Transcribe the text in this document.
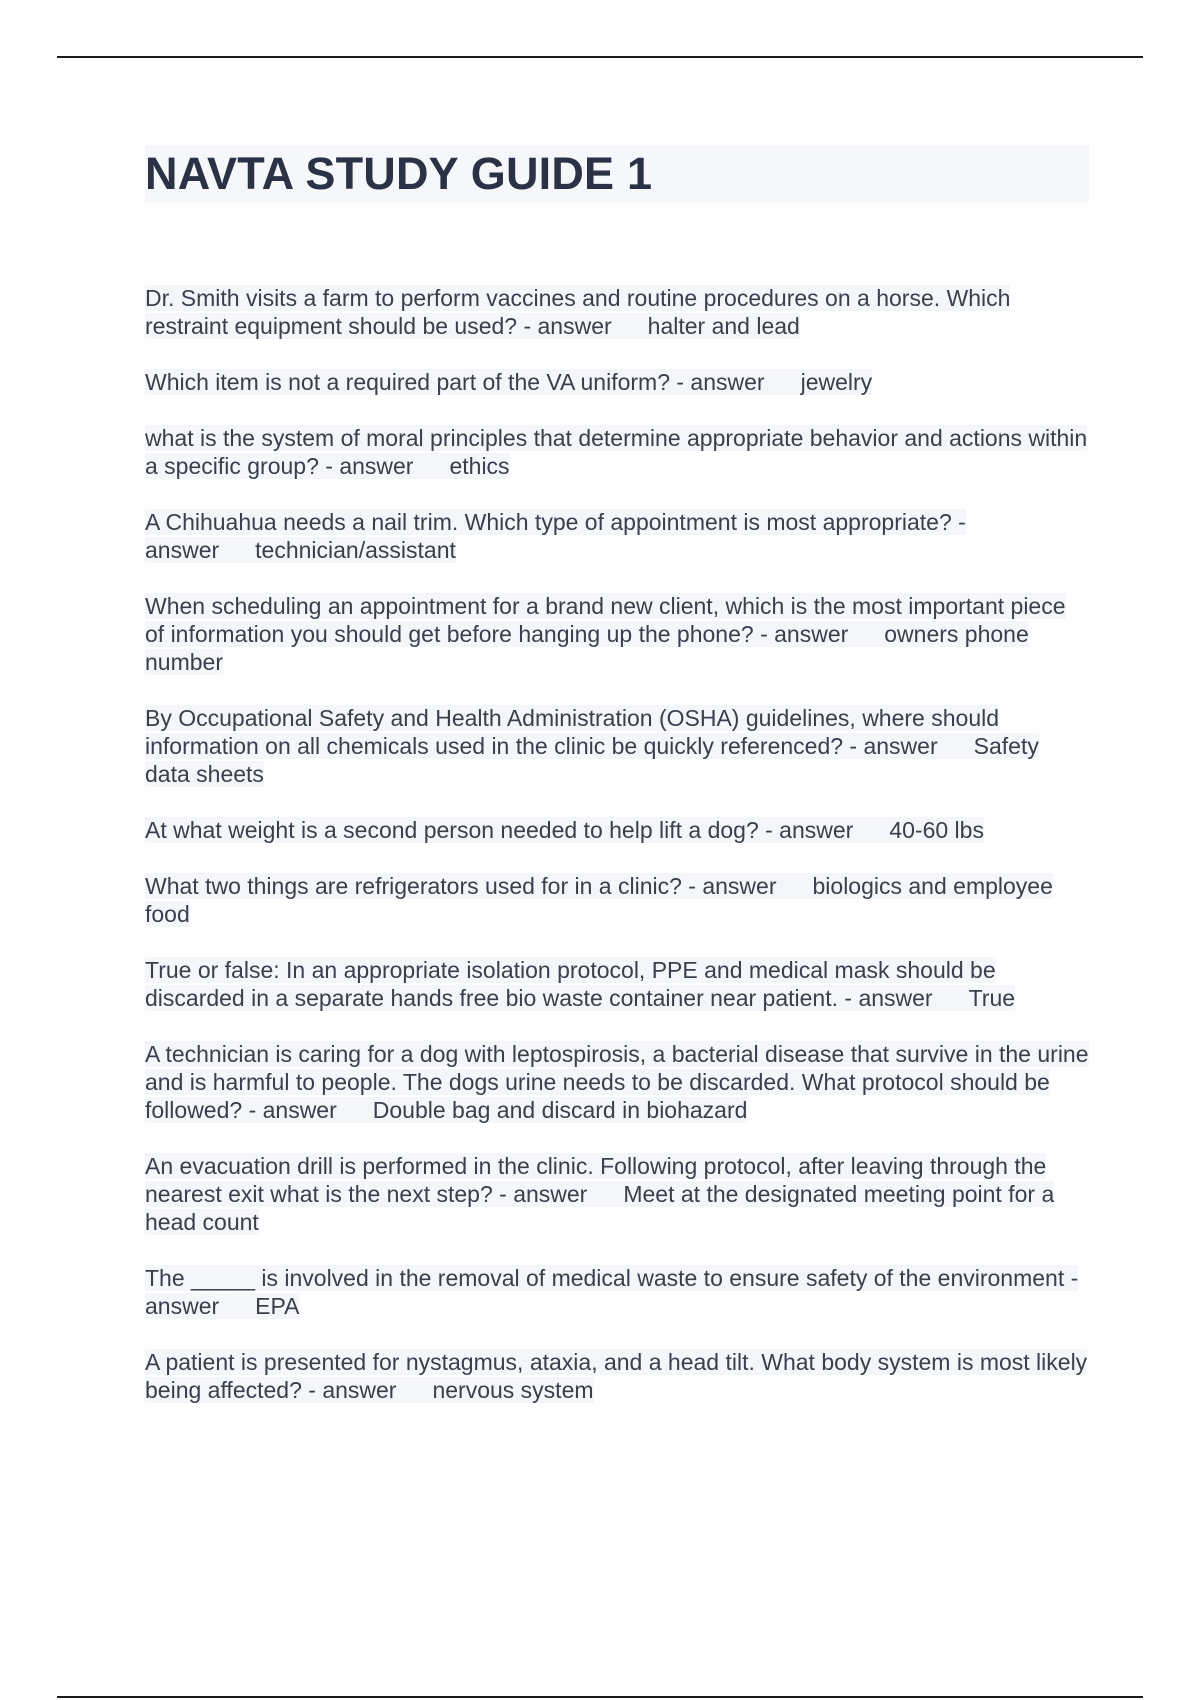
NAVTA STUDY GUIDE 1
Dr. Smith visits a farm to perform vaccines and routine procedures on a horse. Which restraint equipment should be used? - answer halter and lead
Which item is not a required part of the VA uniform? - answer jewelry
what is the system of moral principles that determine appropriate behavior and actions within a specific group? - answer ethics
A Chihuahua needs a nail trim. Which type of appointment is most appropriate? - answer technician/assistant
When scheduling an appointment for a brand new client, which is the most important piece of information you should get before hanging up the phone? - answer owners phone number
By Occupational Safety and Health Administration (OSHA) guidelines, where should information on all chemicals used in the clinic be quickly referenced? - answer Safety data sheets
At what weight is a second person needed to help lift a dog? - answer 40-60 lbs
What two things are refrigerators used for in a clinic? - answer biologics and employee food
True or false: In an appropriate isolation protocol, PPE and medical mask should be discarded in a separate hands free bio waste container near patient. - answer True
A technician is caring for a dog with leptospirosis, a bacterial disease that survive in the urine and is harmful to people. The dogs urine needs to be discarded. What protocol should be followed? - answer Double bag and discard in biohazard
An evacuation drill is performed in the clinic. Following protocol, after leaving through the nearest exit what is the next step? - answer Meet at the designated meeting point for a head count
The _____ is involved in the removal of medical waste to ensure safety of the environment - answer EPA
A patient is presented for nystagmus, ataxia, and a head tilt. What body system is most likely being affected? - answer nervous system
